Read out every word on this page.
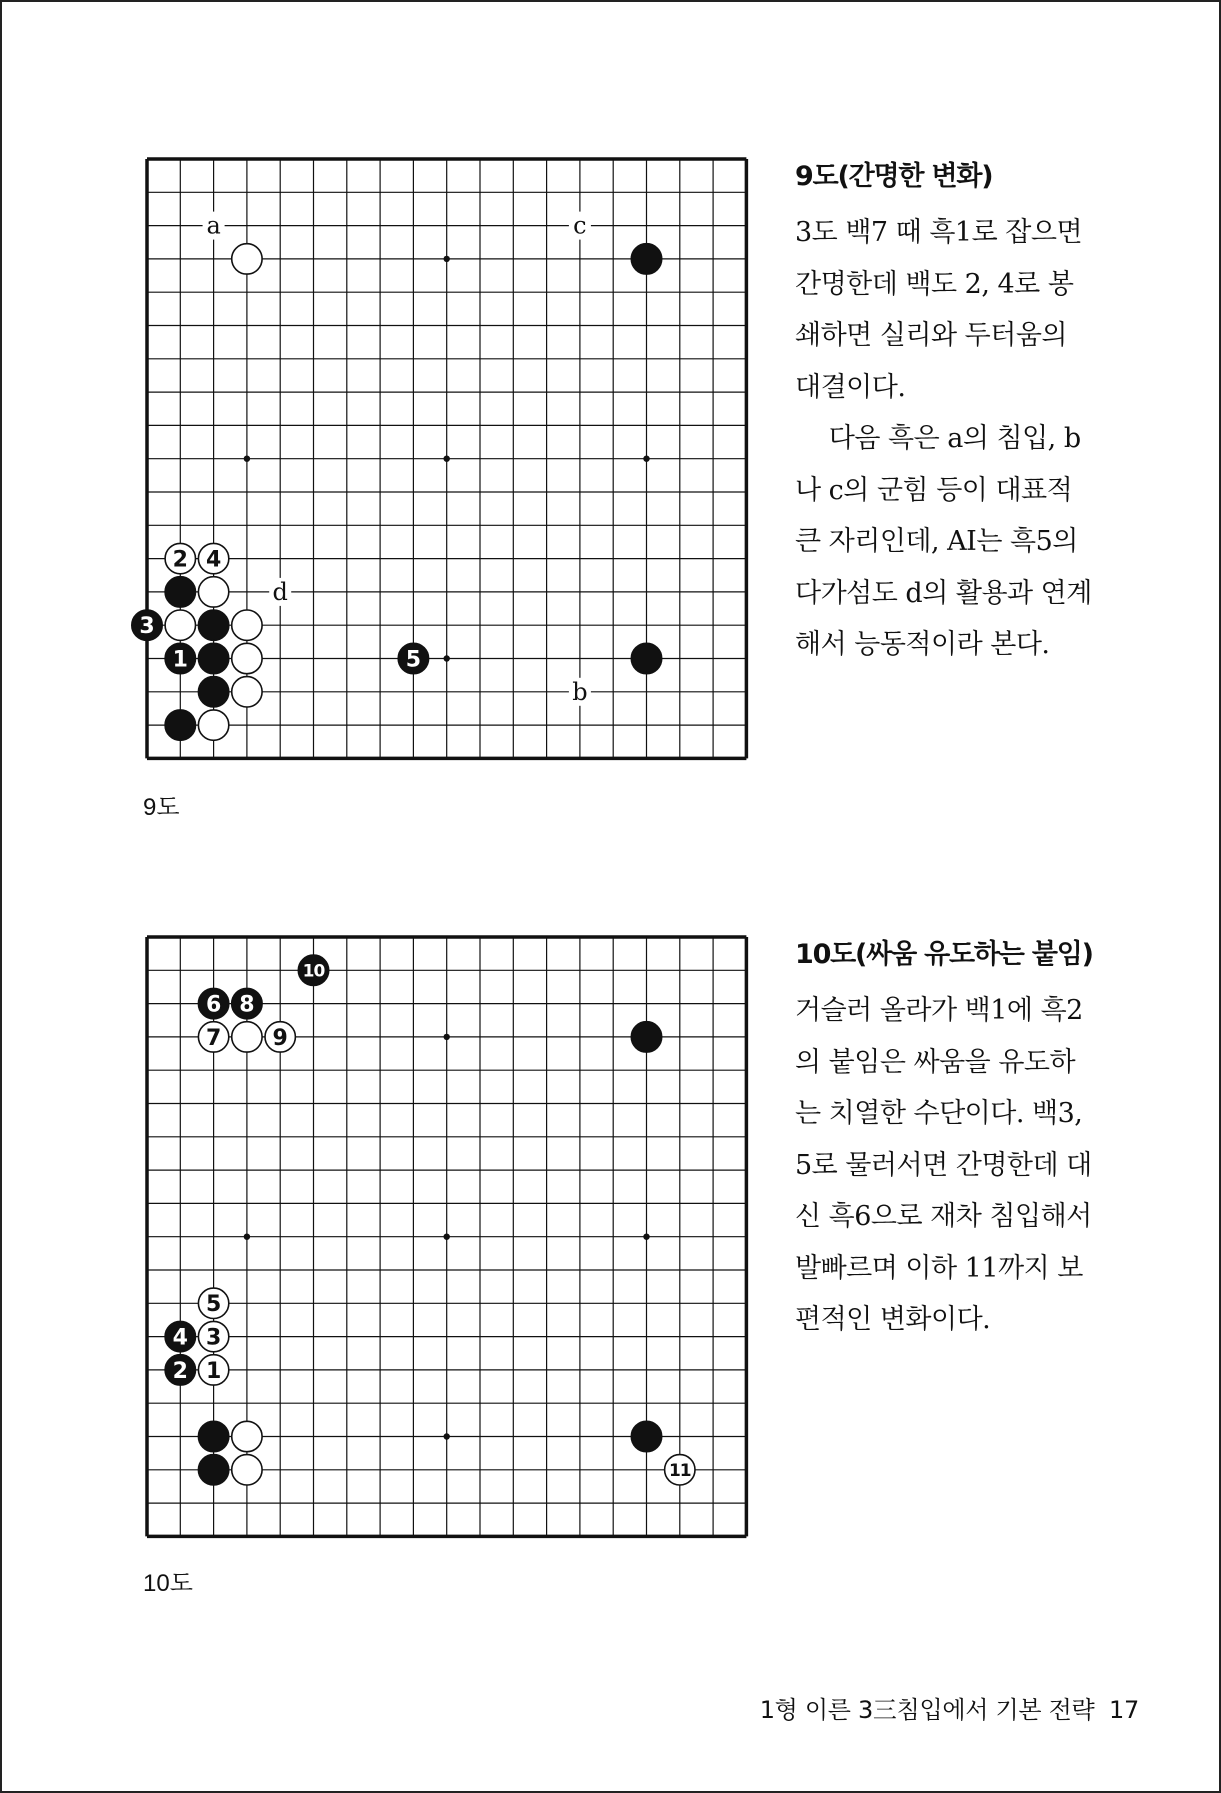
a	c
d
b
2 4
3
1	5
9도
9도(간명한 변화)

3도 백7 때 흑1로 잡으면 간명한데 백도 2, 4로 봉쇄하면 실리와 두터움의 대결이다.

다음 흑은 a의 침입, b나 c의 군힘 등이 대표적 큰 자리인데, AI는 흑5의 다가섬도 d의 활용과 연계해서 능동적이라 본다.

10
6 8
7 9
5
4 3
2 1
11
10도
10도(싸움 유도하는 붙임)

거슬러 올라가 백1에 흑2의 붙임은 싸움을 유도하는 치열한 수단이다. 백3, 5로 물러서면 간명한데 대신 흑6으로 재차 침입해서 발빠르며 이하 11까지 보편적인 변화이다.

1형 이른 3三침입에서 기본 전략 17
